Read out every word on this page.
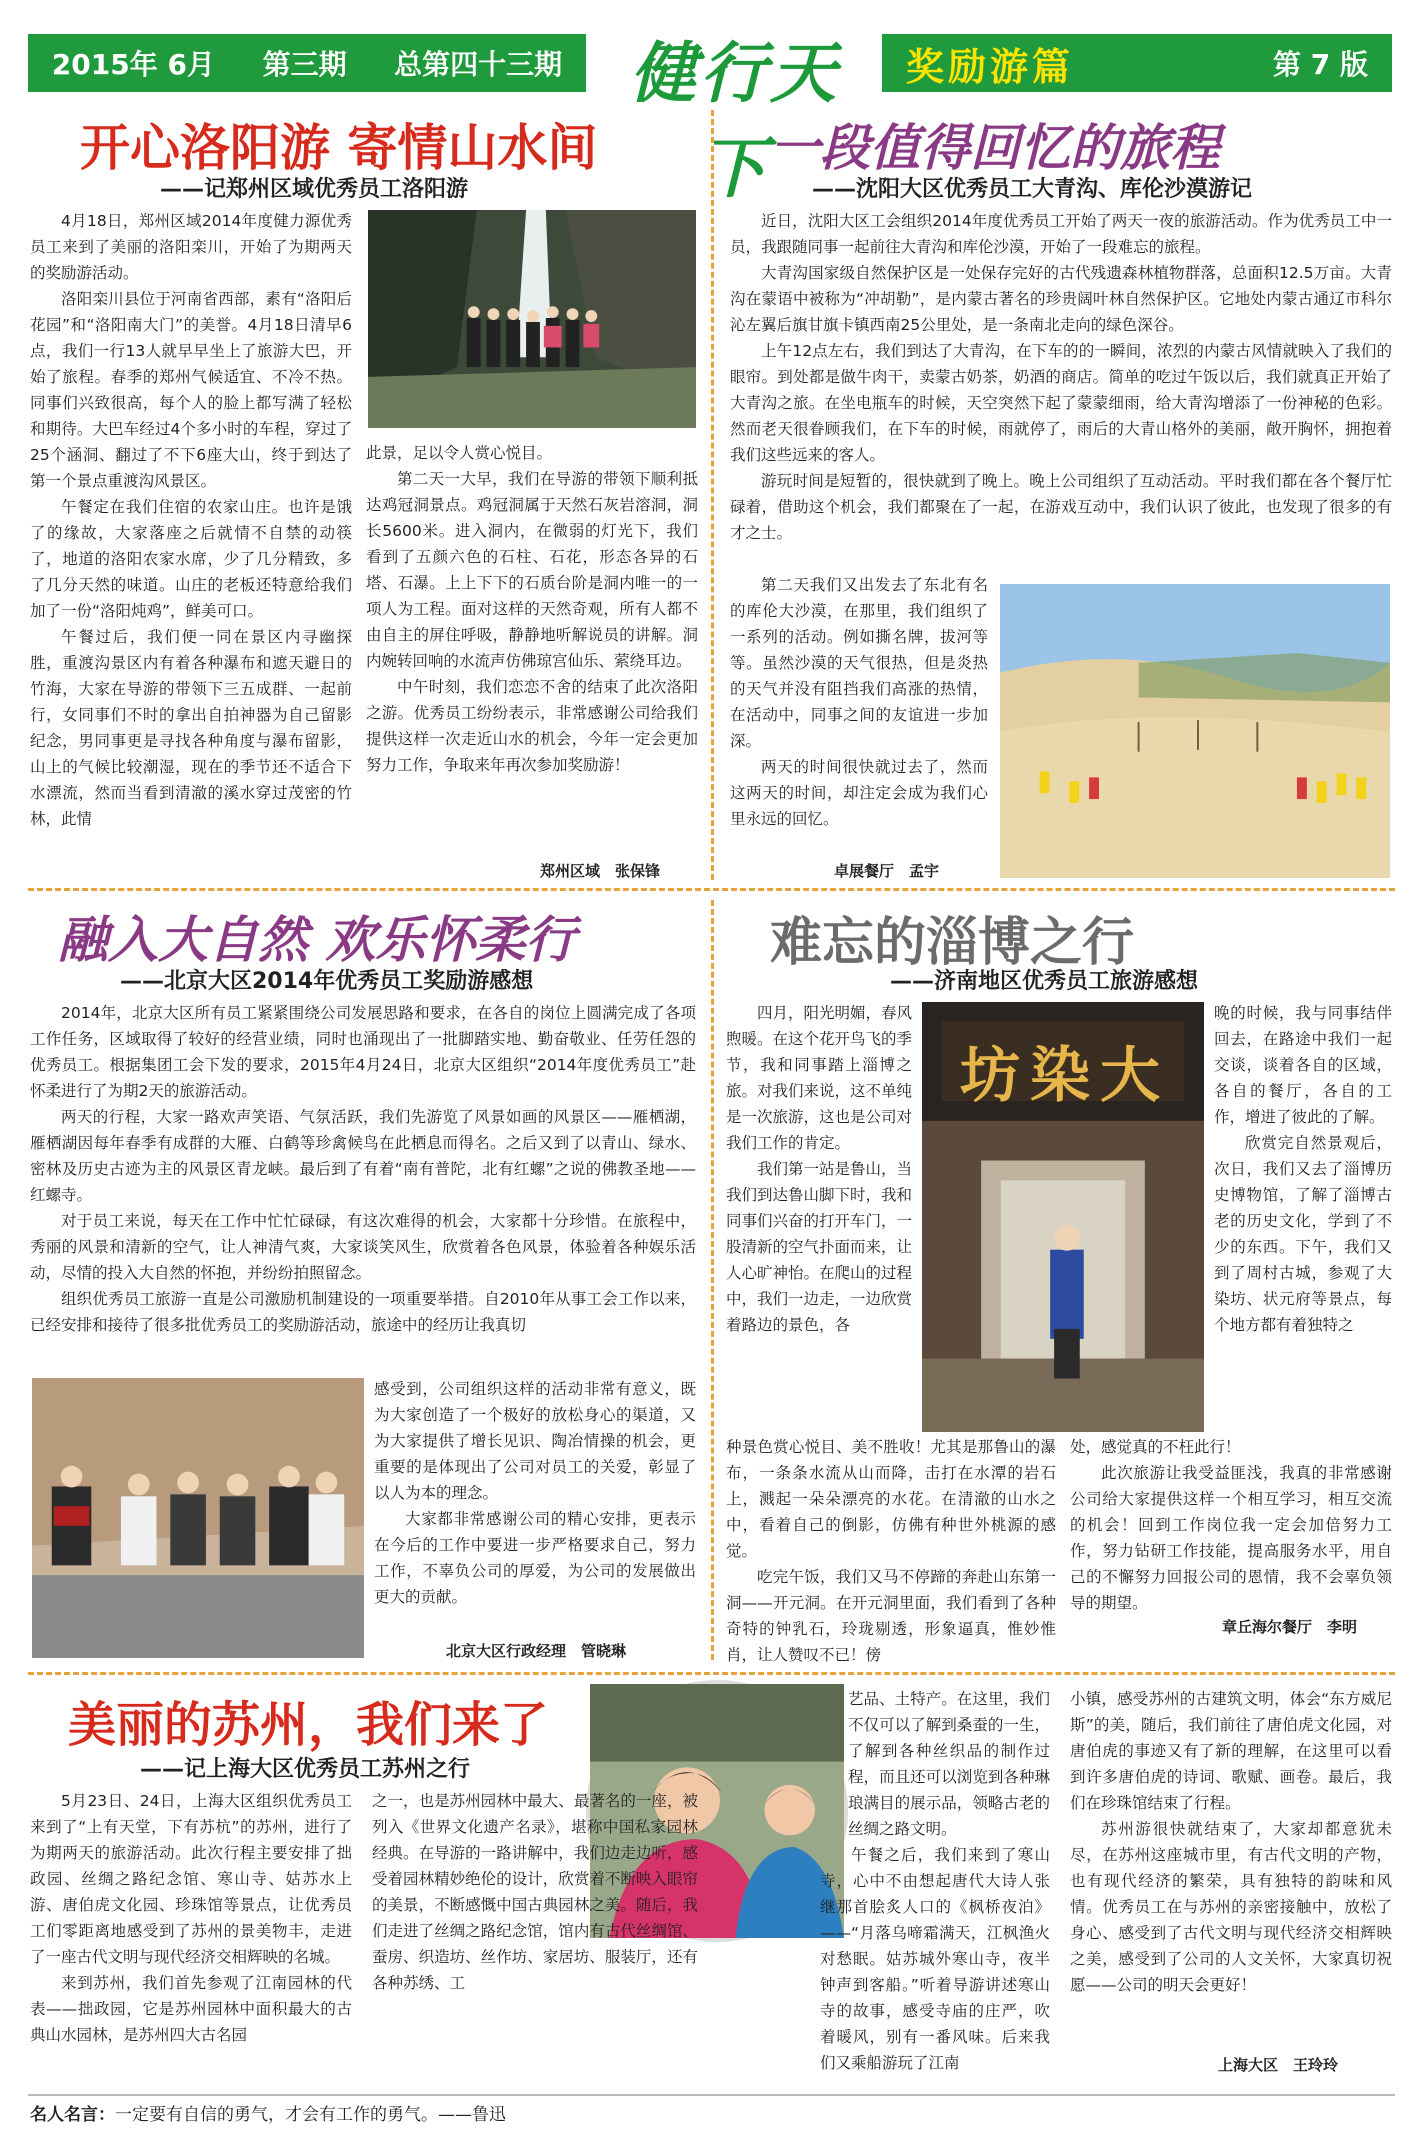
2015年 6月 第三期 总第四十三期	健行天下
奖励游篇	第 7 版
开心洛阳游 寄情山水间
——记郑州区域优秀员工洛阳游

4月18日，郑州区域2014年度健力源优秀员工来到了美丽的洛阳栾川，开始了为期两天的奖励游活动。

洛阳栾川县位于河南省西部，素有“洛阳后花园”和“洛阳南大门”的美誉。4月18日清早6点，我们一行13人就早早坐上了旅游大巴，开始了旅程。春季的郑州气候适宜、不冷不热。同事们兴致很高，每个人的脸上都写满了轻松和期待。大巴车经过4个多小时的车程，穿过了25个涵洞、翻过了不下6座大山，终于到达了第一个景点重渡沟风景区。

午餐定在我们住宿的农家山庄。也许是饿了的缘故，大家落座之后就情不自禁的动筷了，地道的洛阳农家水席，少了几分精致，多了几分天然的味道。山庄的老板还特意给我们加了一份“洛阳炖鸡”，鲜美可口。

午餐过后，我们便一同在景区内寻幽探胜，重渡沟景区内有着各种瀑布和遮天避日的竹海，大家在导游的带领下三五成群、一起前行，女同事们不时的拿出自拍神器为自己留影纪念，男同事更是寻找各种角度与瀑布留影，山上的气候比较潮湿，现在的季节还不适合下水漂流，然而当看到清澈的溪水穿过茂密的竹林，此情

此景，足以令人赏心悦目。

第二天一大早，我们在导游的带领下顺利抵达鸡冠洞景点。鸡冠洞属于天然石灰岩溶洞，洞长5600米。进入洞内，在微弱的灯光下，我们看到了五颜六色的石柱、石花，形态各异的石塔、石瀑。上上下下的石质台阶是洞内唯一的一项人为工程。面对这样的天然奇观，所有人都不由自主的屏住呼吸，静静地听解说员的讲解。洞内婉转回响的水流声仿佛琼宫仙乐、萦绕耳边。

中午时刻，我们恋恋不舍的结束了此次洛阳之游。优秀员工纷纷表示，非常感谢公司给我们提供这样一次走近山水的机会，今年一定会更加努力工作，争取来年再次参加奖励游！

郑州区域　张保锋
一段值得回忆的旅程
——沈阳大区优秀员工大青沟、库伦沙漠游记

近日，沈阳大区工会组织2014年度优秀员工开始了两天一夜的旅游活动。作为优秀员工中一员，我跟随同事一起前往大青沟和库伦沙漠，开始了一段难忘的旅程。

大青沟国家级自然保护区是一处保存完好的古代残遗森林植物群落，总面积12.5万亩。大青沟在蒙语中被称为“冲胡勒”，是内蒙古著名的珍贵阔叶林自然保护区。它地处内蒙古通辽市科尔沁左翼后旗甘旗卡镇西南25公里处，是一条南北走向的绿色深谷。

上午12点左右，我们到达了大青沟，在下车的的一瞬间，浓烈的内蒙古风情就映入了我们的眼帘。到处都是做牛肉干，卖蒙古奶茶，奶酒的商店。简单的吃过午饭以后，我们就真正开始了大青沟之旅。在坐电瓶车的时候，天空突然下起了蒙蒙细雨，给大青沟增添了一份神秘的色彩。然而老天很眷顾我们，在下车的时候，雨就停了，雨后的大青山格外的美丽，敞开胸怀，拥抱着我们这些远来的客人。

游玩时间是短暂的，很快就到了晚上。晚上公司组织了互动活动。平时我们都在各个餐厅忙碌着，借助这个机会，我们都聚在了一起，在游戏互动中，我们认识了彼此，也发现了很多的有才之士。

第二天我们又出发去了东北有名的库伦大沙漠，在那里，我们组织了一系列的活动。例如撕名牌，拔河等等。虽然沙漠的天气很热，但是炎热的天气并没有阻挡我们高涨的热情，在活动中，同事之间的友谊进一步加深。

两天的时间很快就过去了，然而这两天的时间，却注定会成为我们心里永远的回忆。

卓展餐厅　孟宇
融入大自然 欢乐怀柔行
——北京大区2014年优秀员工奖励游感想

2014年，北京大区所有员工紧紧围绕公司发展思路和要求，在各自的岗位上圆满完成了各项工作任务，区域取得了较好的经营业绩，同时也涌现出了一批脚踏实地、勤奋敬业、任劳任怨的优秀员工。根据集团工会下发的要求，2015年4月24日，北京大区组织“2014年度优秀员工”赴怀柔进行了为期2天的旅游活动。

两天的行程，大家一路欢声笑语、气氛活跃，我们先游览了风景如画的风景区——雁栖湖，雁栖湖因每年春季有成群的大雁、白鹤等珍禽候鸟在此栖息而得名。之后又到了以青山、绿水、密林及历史古迹为主的风景区青龙峡。最后到了有着“南有普陀，北有红螺”之说的佛教圣地——红螺寺。

对于员工来说，每天在工作中忙忙碌碌，有这次难得的机会，大家都十分珍惜。在旅程中，秀丽的风景和清新的空气，让人神清气爽，大家谈笑风生，欣赏着各色风景，体验着各种娱乐活动，尽情的投入大自然的怀抱，并纷纷拍照留念。

组织优秀员工旅游一直是公司激励机制建设的一项重要举措。自2010年从事工会工作以来，已经安排和接待了很多批优秀员工的奖励游活动，旅途中的经历让我真切

感受到，公司组织这样的活动非常有意义，既为大家创造了一个极好的放松身心的渠道，又为大家提供了增长见识、陶冶情操的机会，更重要的是体现出了公司对员工的关爱，彰显了以人为本的理念。

大家都非常感谢公司的精心安排，更表示在今后的工作中要进一步严格要求自己，努力工作，不辜负公司的厚爱，为公司的发展做出更大的贡献。

北京大区行政经理　管晓琳
难忘的淄博之行
——济南地区优秀员工旅游感想

四月，阳光明媚，春风煦暖。在这个花开鸟飞的季节，我和同事踏上淄博之旅。对我们来说，这不单纯是一次旅游，这也是公司对我们工作的肯定。

我们第一站是鲁山，当我们到达鲁山脚下时，我和同事们兴奋的打开车门，一股清新的空气扑面而来，让人心旷神怡。在爬山的过程中，我们一边走，一边欣赏着路边的景色，各

坊染大

种景色赏心悦目、美不胜收！尤其是那鲁山的瀑布，一条条水流从山而降，击打在水潭的岩石上，溅起一朵朵漂亮的水花。在清澈的山水之中，看着自己的倒影，仿佛有种世外桃源的感觉。

吃完午饭，我们又马不停蹄的奔赴山东第一洞——开元洞。在开元洞里面，我们看到了各种奇特的钟乳石，玲珑剔透，形象逼真，惟妙惟肖，让人赞叹不已！傍

晚的时候，我与同事结伴回去，在路途中我们一起交谈，谈着各自的区域，各自的餐厅，各自的工作，增进了彼此的了解。

欣赏完自然景观后，次日，我们又去了淄博历史博物馆，了解了淄博古老的历史文化，学到了不少的东西。下午，我们又到了周村古城，参观了大染坊、状元府等景点，每个地方都有着独特之

处，感觉真的不枉此行！

此次旅游让我受益匪浅，我真的非常感谢公司给大家提供这样一个相互学习，相互交流的机会！回到工作岗位我一定会加倍努力工作，努力钻研工作技能，提高服务水平，用自己的不懈努力回报公司的恩情，我不会辜负领导的期望。

章丘海尔餐厅　李明
美丽的苏州，我们来了
——记上海大区优秀员工苏州之行

5月23日、24日，上海大区组织优秀员工来到了“上有天堂，下有苏杭”的苏州，进行了为期两天的旅游活动。此次行程主要安排了拙政园、丝绸之路纪念馆、寒山寺、姑苏水上游、唐伯虎文化园、珍珠馆等景点，让优秀员工们零距离地感受到了苏州的景美物丰，走进了一座古代文明与现代经济交相辉映的名城。

来到苏州，我们首先参观了江南园林的代表——拙政园，它是苏州园林中面积最大的古典山水园林，是苏州四大古名园

之一，也是苏州园林中最大、最著名的一座，被列入《世界文化遗产名录》，堪称中国私家园林经典。在导游的一路讲解中，我们边走边听，感受着园林精妙绝伦的设计，欣赏着不断映入眼帘的美景，不断感慨中国古典园林之美。随后，我们走进了丝绸之路纪念馆，馆内有古代丝绸馆、蚕房、织造坊、丝作坊、家居坊、服装厅，还有各种苏绣、工

艺品、土特产。在这里，我们不仅可以了解到桑蚕的一生，了解到各种丝织品的制作过程，而且还可以浏览到各种琳琅满目的展示品，领略古老的丝绸之路文明。

午餐之后，我们来到了寒山寺，心中不由想起唐代大诗人张继那首脍炙人口的《枫桥夜泊》——“月落乌啼霜满天，江枫渔火对愁眠。姑苏城外寒山寺，夜半钟声到客船。”听着导游讲述寒山寺的故事，感受寺庙的庄严，吹着暖风，别有一番风味。后来我们又乘船游玩了江南

小镇，感受苏州的古建筑文明，体会“东方威尼斯”的美，随后，我们前往了唐伯虎文化园，对唐伯虎的事迹又有了新的理解，在这里可以看到许多唐伯虎的诗词、歌赋、画卷。最后，我们在珍珠馆结束了行程。

苏州游很快就结束了，大家却都意犹未尽，在苏州这座城市里，有古代文明的产物，也有现代经济的繁荣，具有独特的韵味和风情。优秀员工在与苏州的亲密接触中，放松了身心、感受到了古代文明与现代经济交相辉映之美，感受到了公司的人文关怀，大家真切祝愿——公司的明天会更好！

上海大区　王玲玲
名人名言：一定要有自信的勇气，才会有工作的勇气。——鲁迅
